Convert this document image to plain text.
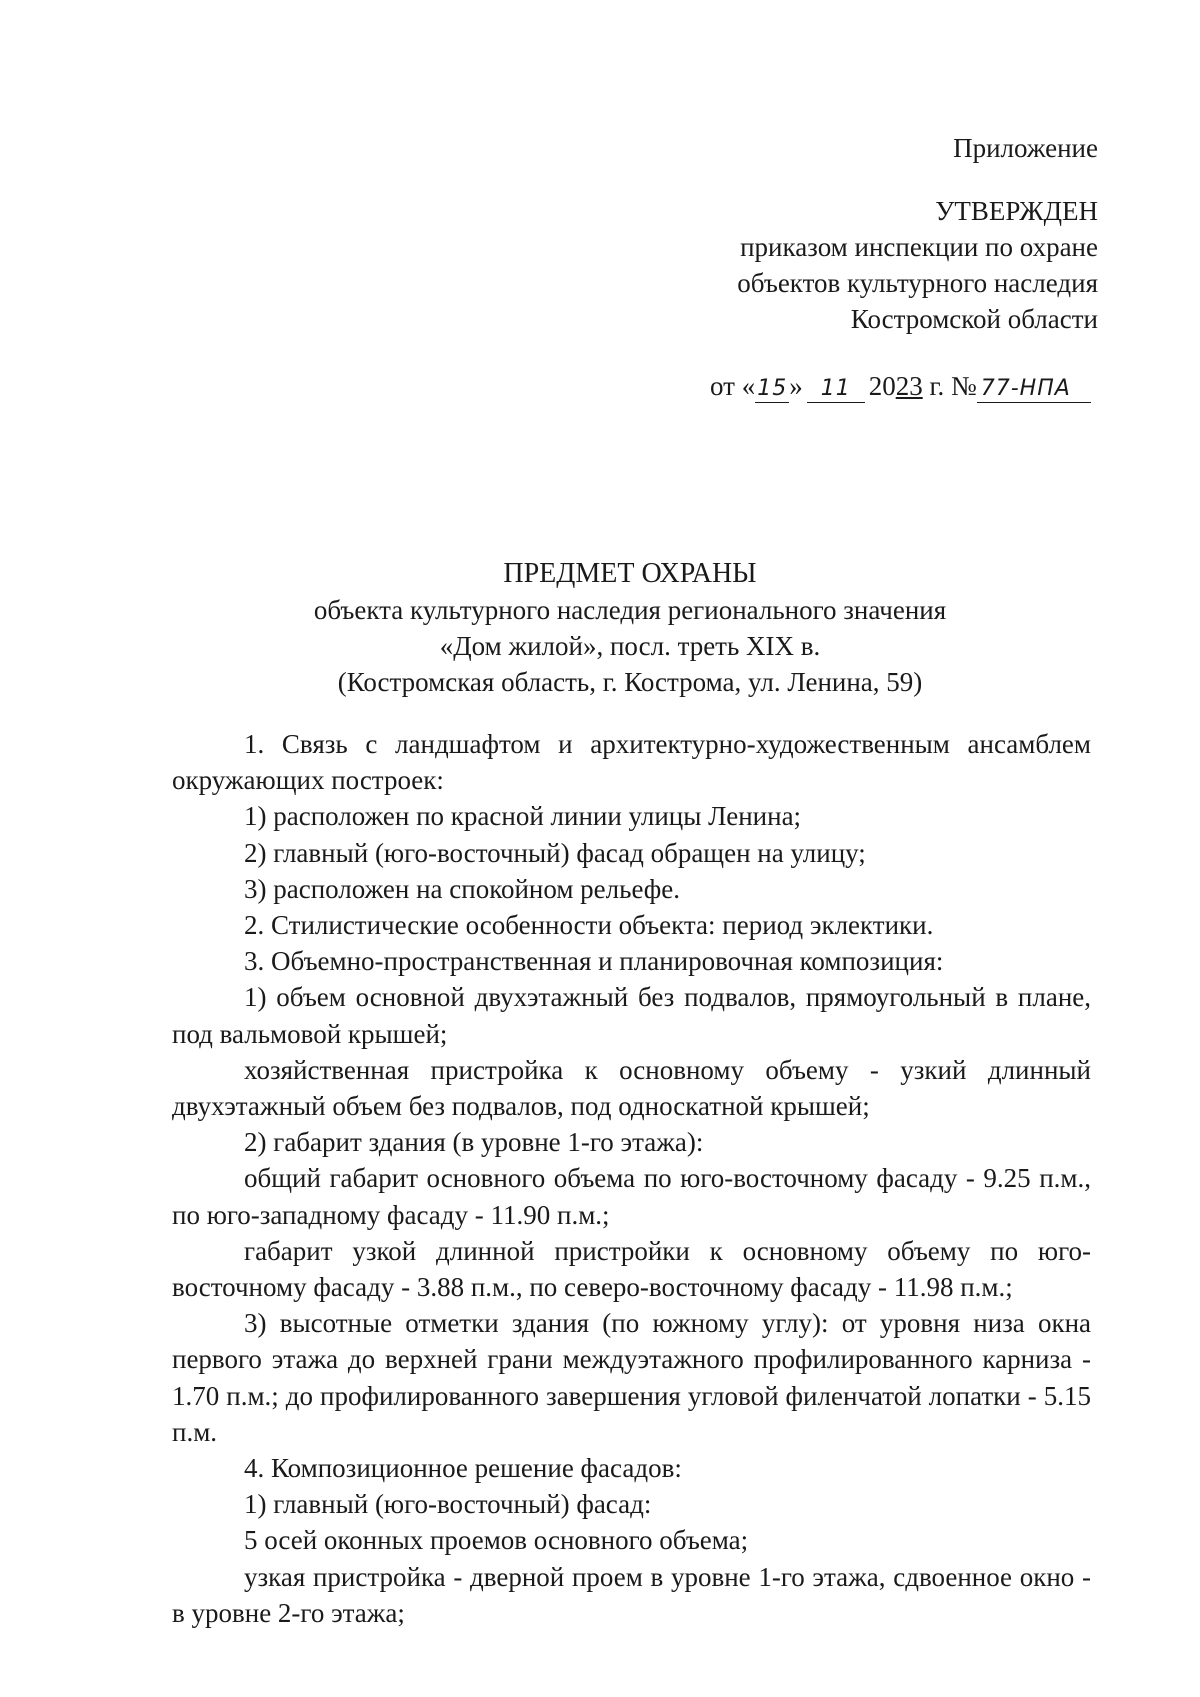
Приложение
УТВЕРЖДЕН
приказом инспекции по охране
объектов культурного наследия
Костромской области
от «15» 11 2023 г. № 77-НПА
ПРЕДМЕТ ОХРАНЫ
объекта культурного наследия регионального значения
«Дом жилой», посл. треть XIX в.
(Костромская область, г. Кострома, ул. Ленина, 59)

1. Связь с ландшафтом и архитектурно-художественным ансамблем окружающих построек:

1) расположен по красной линии улицы Ленина;

2) главный (юго-восточный) фасад обращен на улицу;

3) расположен на спокойном рельефе.

2. Стилистические особенности объекта: период эклектики.

3. Объемно-пространственная и планировочная композиция:

1) объем основной двухэтажный без подвалов, прямоугольный в плане, под вальмовой крышей;

хозяйственная пристройка к основному объему - узкий длинный двухэтажный объем без подвалов, под односкатной крышей;

2) габарит здания (в уровне 1-го этажа):

общий габарит основного объема по юго-восточному фасаду - 9.25 п.м., по юго-западному фасаду - 11.90 п.м.;

габарит узкой длинной пристройки к основному объему по юго-восточному фасаду - 3.88 п.м., по северо-восточному фасаду - 11.98 п.м.;

3) высотные отметки здания (по южному углу): от уровня низа окна первого этажа до верхней грани междуэтажного профилированного карниза - 1.70 п.м.; до профилированного завершения угловой филенчатой лопатки - 5.15 п.м.

4. Композиционное решение фасадов:

1) главный (юго-восточный) фасад:

5 осей оконных проемов основного объема;

узкая пристройка - дверной проем в уровне 1-го этажа, сдвоенное окно - в уровне 2-го этажа;
